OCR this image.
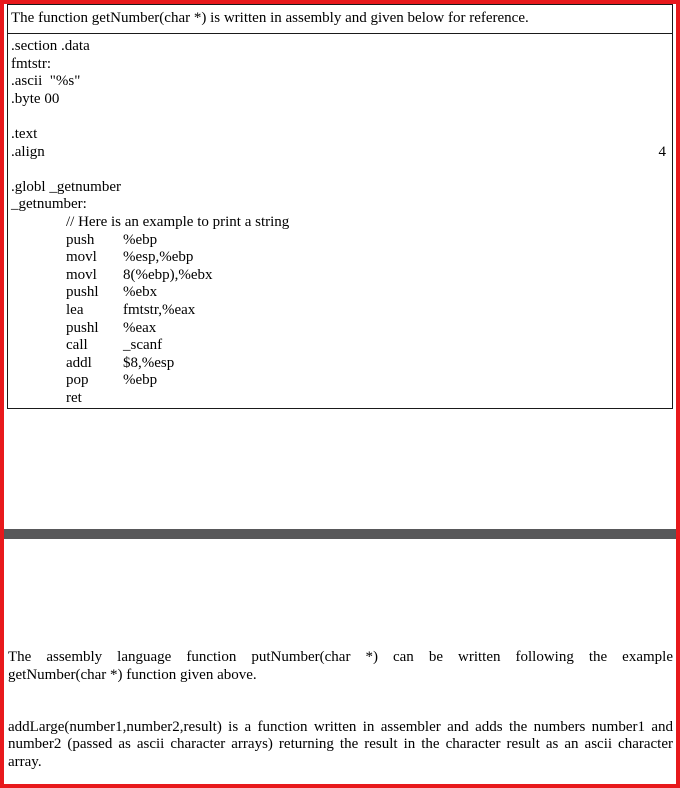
The function getNumber(char *) is written in assembly and given below for reference.
.section .data
fmtstr:
.ascii  "%s"
.byte 00
.text
.align	4
.globl _getnumber
_getnumber:
// Here is an example to print a string
push %ebp
movl %esp,%ebp
movl 8(%ebp),%ebx
pushl %ebx
lea	fmtstr,%eax
pushl %eax
call _scanf
addl $8,%esp
pop %ebp
ret
The assembly language function putNumber(char *) can be written following the example
getNumber(char *) function given above.
addLarge(number1,number2,result) is a function written in assembler and adds the numbers number1 and
number2 (passed as ascii character arrays) returning the result in the character result as an ascii character
array.
